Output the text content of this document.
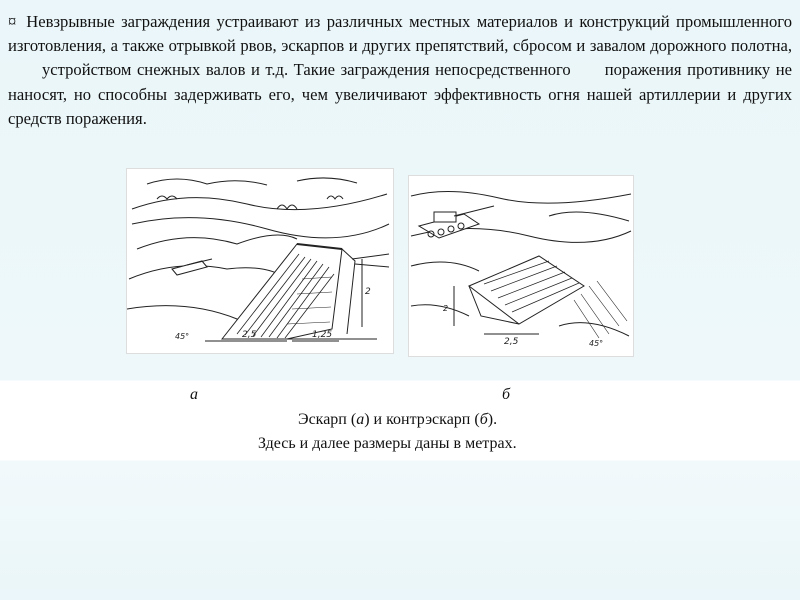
¤ Невзрывные заграждения устраивают из различных местных материалов и конструкций промышленного изготовления, а также отрывкой рвов, эскарпов и других препятствий, сбросом и завалом дорожного полотна,устройством снежных валов и т.д. Такие заграждения непосредственного поражения противнику не наносят, но способны задерживать его, чем увеличивают эффективность огня нашей артиллерии и других средств поражения.

2,5	1,25
2
45°
2
2,5	45°
а	б
Эскарп (а) и контрэскарп (б).
Здесь и далее размеры даны в метрах.
